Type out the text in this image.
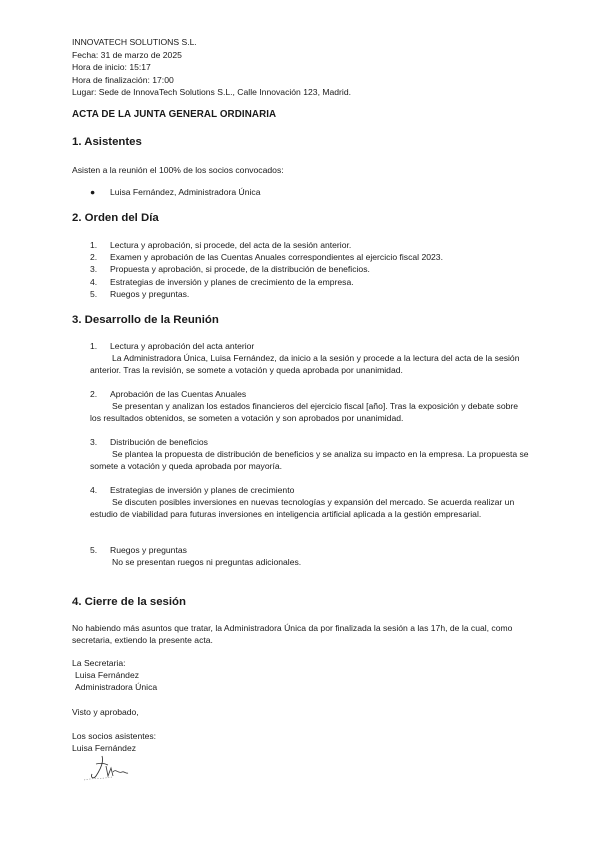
INNOVATECH SOLUTIONS S.L.
Fecha: 31 de marzo de 2025
Hora de inicio: 15:17
Hora de finalización: 17:00
Lugar: Sede de InnovaTech Solutions S.L., Calle Innovación 123, Madrid.
ACTA DE LA JUNTA GENERAL ORDINARIA
1. Asistentes
Asisten a la reunión el 100% de los socios convocados:
● Luisa Fernández, Administradora Única
2. Orden del Día
1. Lectura y aprobación, si procede, del acta de la sesión anterior.
2. Examen y aprobación de las Cuentas Anuales correspondientes al ejercicio fiscal 2023.
3. Propuesta y aprobación, si procede, de la distribución de beneficios.
4. Estrategias de inversión y planes de crecimiento de la empresa.
5. Ruegos y preguntas.
3. Desarrollo de la Reunión
1. Lectura y aprobación del acta anterior
La Administradora Única, Luisa Fernández, da inicio a la sesión y procede a la lectura del acta de la sesión anterior. Tras la revisión, se somete a votación y queda aprobada por unanimidad.
2. Aprobación de las Cuentas Anuales
Se presentan y analizan los estados financieros del ejercicio fiscal [año]. Tras la exposición y debate sobre los resultados obtenidos, se someten a votación y son aprobados por unanimidad.
3. Distribución de beneficios
Se plantea la propuesta de distribución de beneficios y se analiza su impacto en la empresa. La propuesta se somete a votación y queda aprobada por mayoría.
4. Estrategias de inversión y planes de crecimiento
Se discuten posibles inversiones en nuevas tecnologías y expansión del mercado. Se acuerda realizar un estudio de viabilidad para futuras inversiones en inteligencia artificial aplicada a la gestión empresarial.
5. Ruegos y preguntas
No se presentan ruegos ni preguntas adicionales.
4. Cierre de la sesión
No habiendo más asuntos que tratar, la Administradora Única da por finalizada la sesión a las 17h, de la cual, como secretaria, extiendo la presente acta.
La Secretaria:
Luisa Fernández
Administradora Única
Visto y aprobado,
Los socios asistentes:
Luisa Fernández
